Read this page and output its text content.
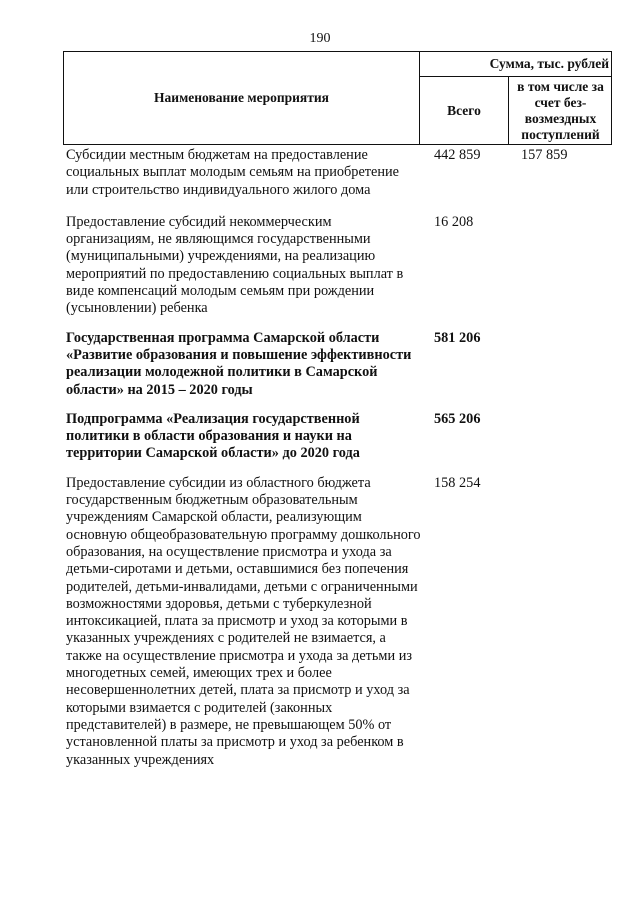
190
Наименование мероприятия
Сумма, тыс. рублей
Всего
в том числе за счет без-возмездных поступлений
Субсидии местным бюджетам на предоставление социальных выплат молодым семьям на приобретение или строительство индивидуального жилого дома
442 859	157 859
Предоставление субсидий некоммерческим организациям, не являющимся государственными (муниципальными) учреждениями, на реализацию мероприятий по предоставлению социальных выплат в виде компенсаций молодым семьям при рождении (усыновлении) ребенка
16 208
Государственная программа Самарской области «Развитие образования и повышение эффективности реализации молодежной политики в Самарской области» на 2015 – 2020 годы
581 206
Подпрограмма «Реализация государственной политики в области образования и науки на территории Самарской области» до 2020 года
565 206
Предоставление субсидии из областного бюджета государственным бюджетным образовательным учреждениям Самарской области, реализующим основную общеобразовательную программу дошкольного образования, на осуществление присмотра и ухода за детьми-сиротами и детьми, оставшимися без попечения родителей, детьми-инвалидами, детьми с ограниченными возможностями здоровья, детьми с туберкулезной интоксикацией, плата за присмотр и уход за которыми в указанных учреждениях с родителей не взимается, а также на осуществление присмотра и ухода за детьми из многодетных семей, имеющих трех и более несовершеннолетних детей, плата за присмотр и уход за которыми взимается с родителей (законных представителей) в размере, не превышающем 50% от установленной платы за присмотр и уход за ребенком в указанных учреждениях
158 254
